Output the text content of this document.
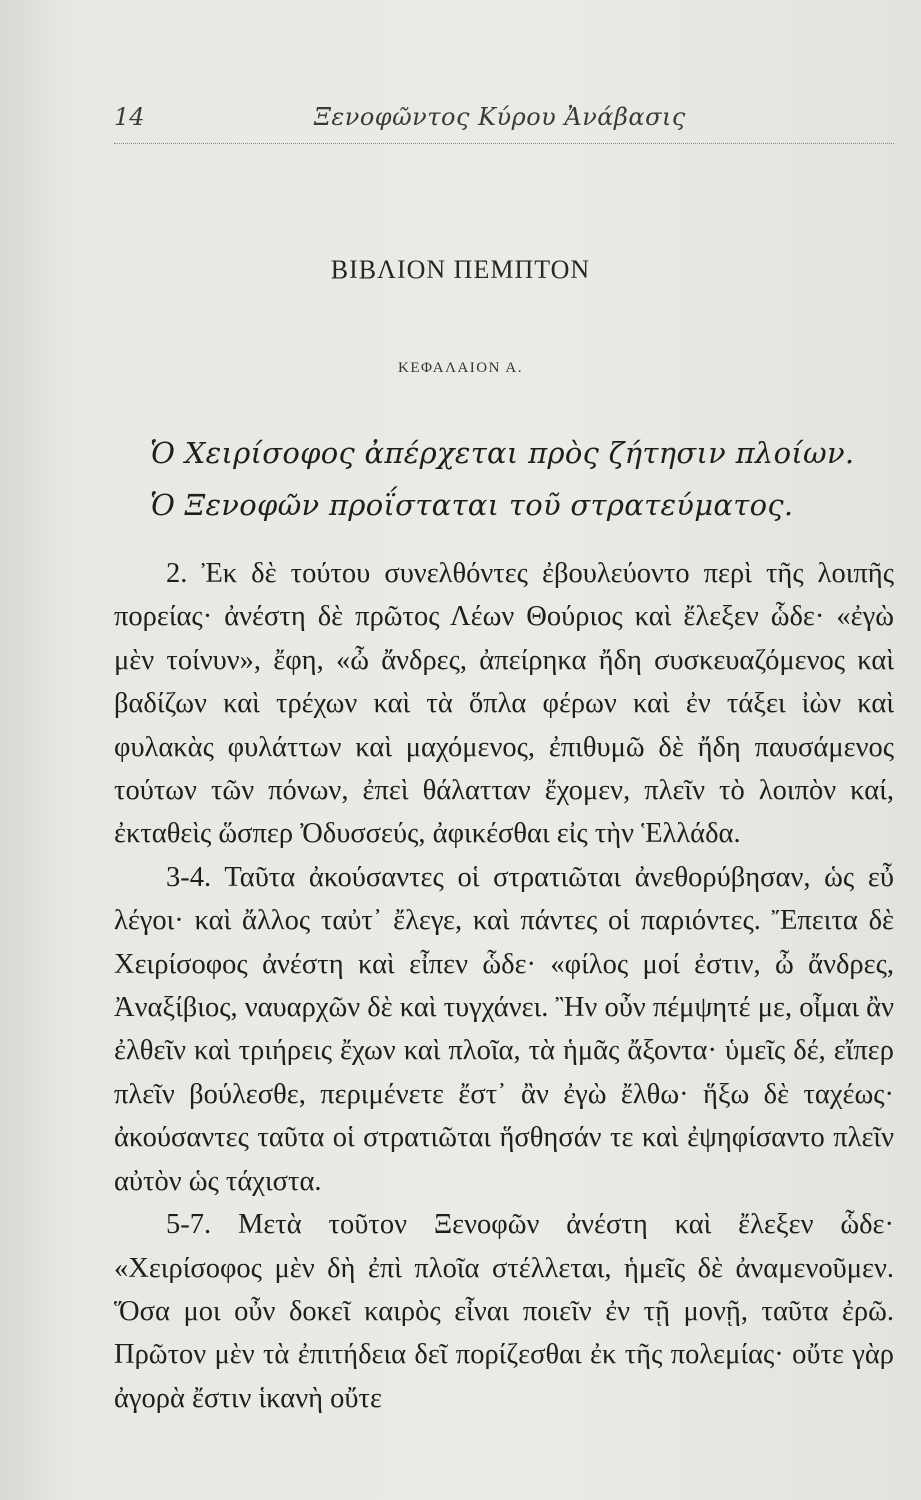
14	Ξενοφῶντος Κύρου Ἀνάβασις
ΒΙΒΛΙΟΝ ΠΕΜΠΤΟΝ
ΚΕΦΑΛΑΙΟΝ Α.
Ὁ Χειρίσοφος ἀπέρχεται πρὸς ζήτησιν πλοίων.
Ὁ Ξενοφῶν προΐσταται τοῦ στρατεύματος.

2. Ἐκ δὲ τούτου συνελθόντες ἐβουλεύοντο περὶ τῆς λοιπῆς πορείας· ἀνέστη δὲ πρῶτος Λέων Θούριος καὶ ἔλεξεν ὧδε· «ἐγὼ μὲν τοίνυν», ἔφη, «ὦ ἄνδρες, ἀπείρηκα ἤδη συσκευαζόμενος καὶ βαδίζων καὶ τρέχων καὶ τὰ ὅπλα φέρων καὶ ἐν τάξει ἰὼν καὶ φυλακὰς φυλάττων καὶ μαχόμενος, ἐπιθυμῶ δὲ ἤδη παυσάμενος τούτων τῶν πόνων, ἐπεὶ θάλατταν ἔχομεν, πλεῖν τὸ λοιπὸν καί, ἐκταθεὶς ὥσπερ Ὀδυσσεύς, ἀφικέσθαι εἰς τὴν Ἑλλάδα.

3-4. Ταῦτα ἀκούσαντες οἱ στρατιῶται ἀνεθορύβησαν, ὡς εὖ λέγοι· καὶ ἄλλος ταὐτ᾽ ἔλεγε, καὶ πάντες οἱ παριόντες. Ἔπειτα δὲ Χειρίσοφος ἀνέστη καὶ εἶπεν ὧδε· «φίλος μοί ἐστιν, ὦ ἄνδρες, Ἀναξίβιος, ναυαρχῶν δὲ καὶ τυγχάνει. Ἢν οὖν πέμψητέ με, οἶμαι ἂν ἐλθεῖν καὶ τριήρεις ἔχων καὶ πλοῖα, τὰ ἡμᾶς ἄξοντα· ὑμεῖς δέ, εἴπερ πλεῖν βούλεσθε, περιμένετε ἔστ᾽ ἂν ἐγὼ ἔλθω· ἥξω δὲ ταχέως· ἀκούσαντες ταῦτα οἱ στρατιῶται ἥσθησάν τε καὶ ἐψηφίσαντο πλεῖν αὐτὸν ὡς τάχιστα.

5-7. Μετὰ τοῦτον Ξενοφῶν ἀνέστη καὶ ἔλεξεν ὧδε· «Χειρίσοφος μὲν δὴ ἐπὶ πλοῖα στέλλεται, ἡμεῖς δὲ ἀναμενοῦμεν. Ὅσα μοι οὖν δοκεῖ καιρὸς εἶναι ποιεῖν ἐν τῇ μονῇ, ταῦτα ἐρῶ. Πρῶτον μὲν τὰ ἐπιτήδεια δεῖ πορίζεσθαι ἐκ τῆς πολεμίας· οὔτε γὰρ ἀγορὰ ἔστιν ἱκανὴ οὔτε
